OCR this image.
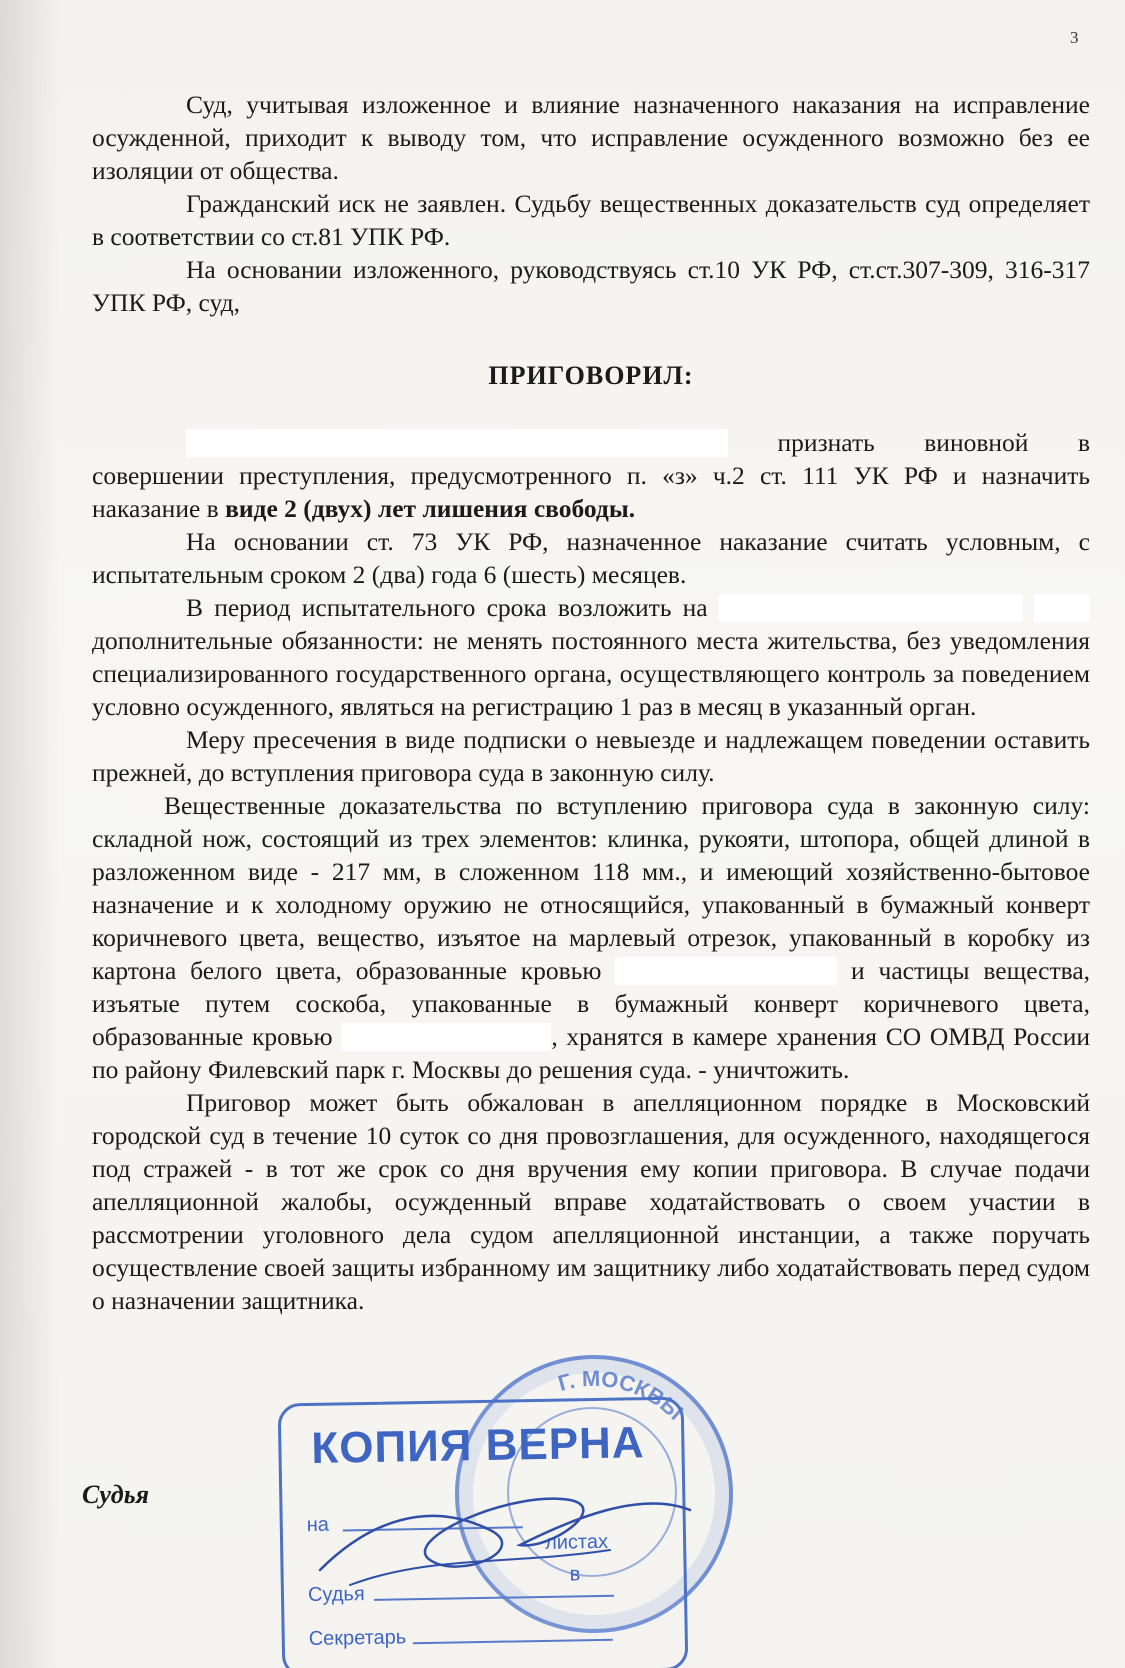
3

Суд, учитывая изложенное и влияние назначенного наказания на исправление осужденной, приходит к выводу том, что исправление осужденного возможно без ее изоляции от общества.

Гражданский иск не заявлен. Судьбу вещественных доказательств суд определяет в соответствии со ст.81 УПК РФ.

На основании изложенного, руководствуясь ст.10 УК РФ, ст.ст.307-309, 316-317 УПК РФ, суд,

ПРИГОВОРИЛ:

признать виновной в совершении преступления, предусмотренного п. «з» ч.2 ст. 111 УК РФ и назначить наказание в виде 2 (двух) лет лишения свободы.

На основании ст. 73 УК РФ, назначенное наказание считать условным, с испытательным сроком 2 (два) года 6 (шесть) месяцев.

В период испытательного срока возложить на   дополнительные обязанности: не менять постоянного места жительства, без уведомления специализированного государственного органа, осуществляющего контроль за поведением условно осужденного, являться на регистрацию 1 раз в месяц в указанный орган.

Меру пресечения в виде подписки о невыезде и надлежащем поведении оставить прежней, до вступления приговора суда в законную силу.

Вещественные доказательства по вступлению приговора суда в законную силу: складной нож, состоящий из трех элементов: клинка, рукояти, штопора, общей длиной в разложенном виде - 217 мм, в сложенном 118 мм., и имеющий хозяйственно-бытовое назначение и к холодному оружию не относящийся, упакованный в бумажный конверт коричневого цвета, вещество, изъятое на марлевый отрезок, упакованный в коробку из картона белого цвета, образованные кровью	и частицы вещества, изъятые путем соскоба, упакованные в бумажный конверт коричневого цвета, образованные кровью	, хранятся в камере хранения СО ОМВД России по району Филевский парк г. Москвы до решения суда. - уничтожить.

Приговор может быть обжалован в апелляционном порядке в Московский городской суд в течение 10 суток со дня провозглашения, для осужденного, находящегося под стражей - в тот же срок со дня вручения ему копии приговора. В случае подачи апелляционной жалобы, осужденный вправе ходатайствовать о своем участии в рассмотрении уголовного дела судом апелляционной инстанции, а также поручать осуществление своей защиты избранному им защитнику либо ходатайствовать перед судом о назначении защитника.

Судья
Г. МОСКВЫ
КОПИЯ ВЕРНА
на
листах
в
Судья
Секретарь
